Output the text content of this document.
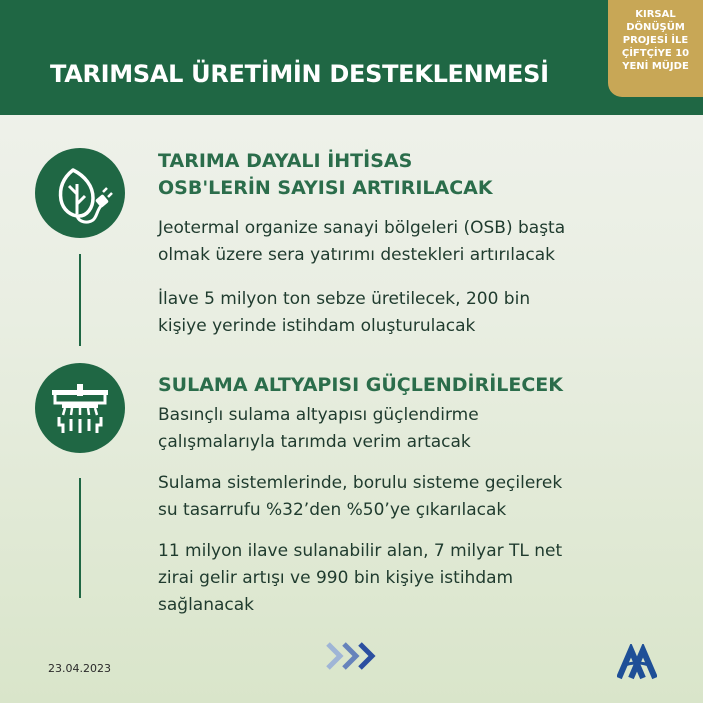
TARIMSAL ÜRETİMİN DESTEKLENMESİ
KIRSAL
DÖNÜŞÜM
PROJESİ İLE
ÇİFTÇİYE 10
YENİ MÜJDE
TARIMA DAYALI İHTİSAS
OSB'LERİN SAYISI ARTIRILACAK
Jeotermal organize sanayi bölgeleri (OSB) başta
olmak üzere sera yatırımı destekleri artırılacak
İlave 5 milyon ton sebze üretilecek, 200 bin
kişiye yerinde istihdam oluşturulacak
SULAMA ALTYAPISI GÜÇLENDİRİLECEK
Basınçlı sulama altyapısı güçlendirme
çalışmalarıyla tarımda verim artacak
Sulama sistemlerinde, borulu sisteme geçilerek
su tasarrufu %32’den %50’ye çıkarılacak
11 milyon ilave sulanabilir alan, 7 milyar TL net
zirai gelir artışı ve 990 bin kişiye istihdam
sağlanacak
23.04.2023
